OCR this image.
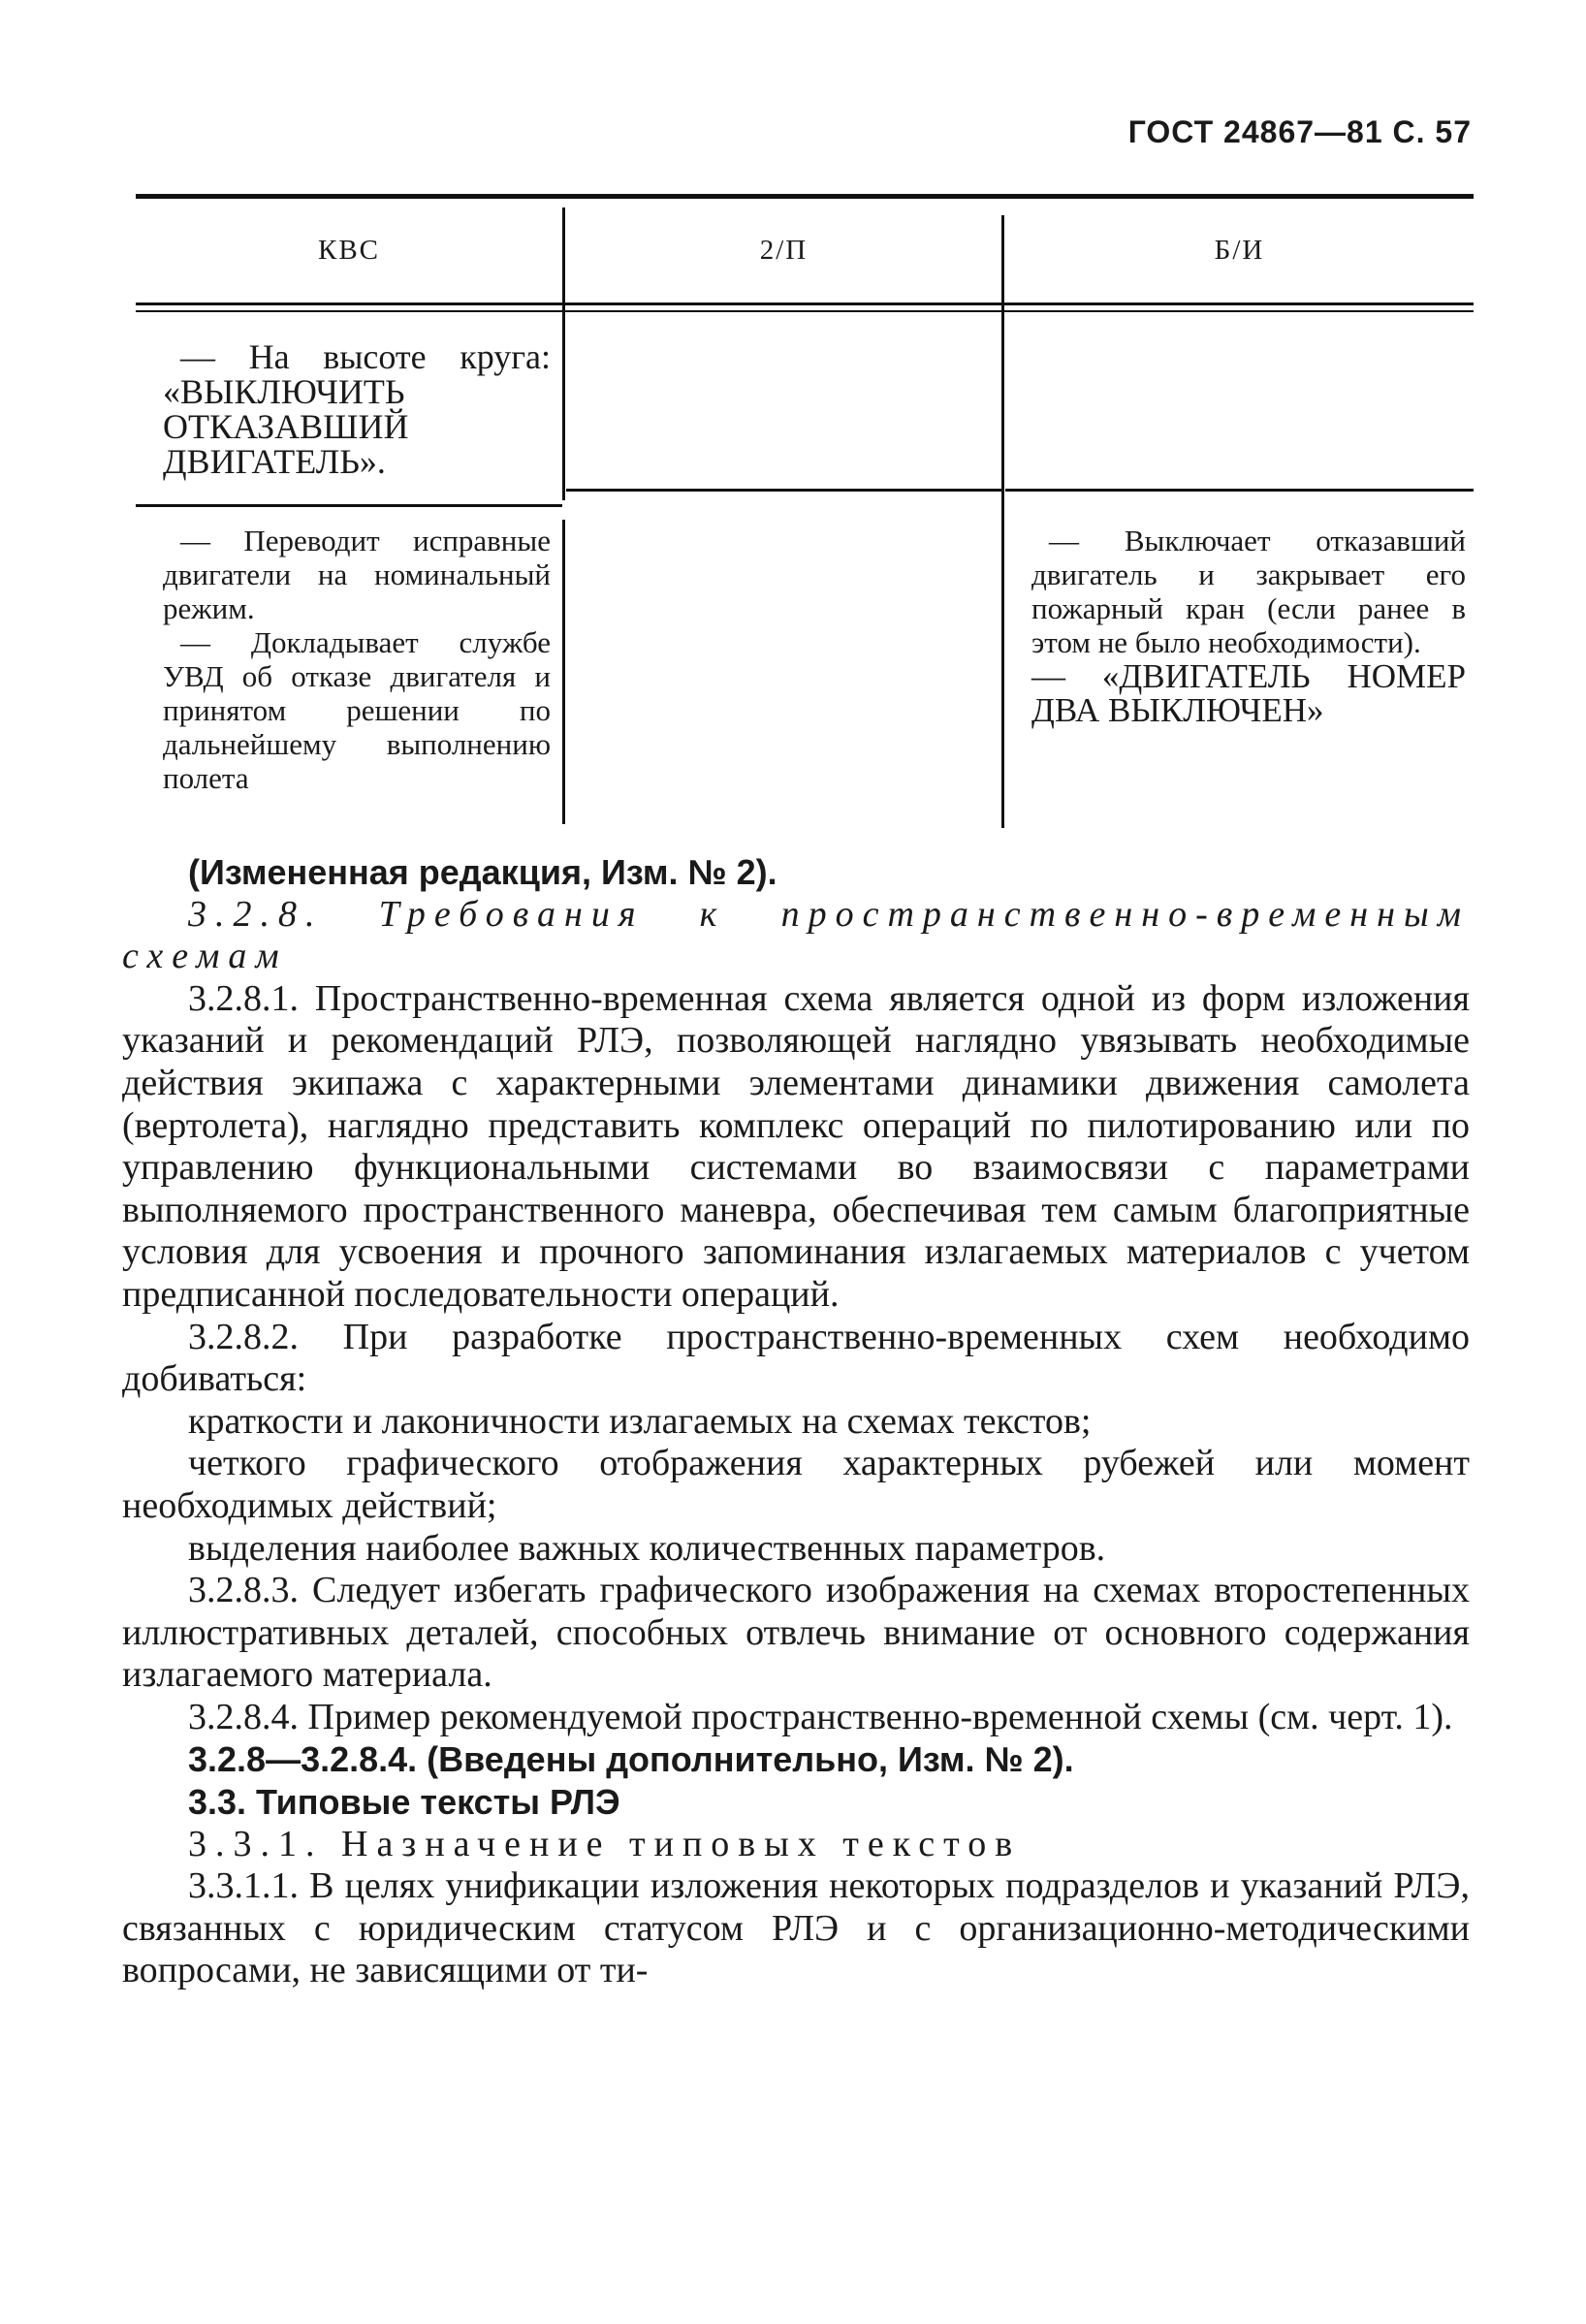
ГОСТ 24867—81 С. 57
КВС	2/П	Б/И

— На высоте круга: «ВЫКЛЮЧИТЬ ОТКАЗАВШИЙ ДВИГАТЕЛЬ».

— Переводит исправные двигатели на номинальный режим.

— Докладывает службе УВД об отказе двигателя и принятом решении по дальнейшему выполнению полета

— Выключает отказавший двигатель и закрывает его пожарный кран (если ранее в этом не было необходимости).

— «ДВИГАТЕЛЬ НОМЕР ДВА ВЫКЛЮЧЕН»

(Измененная редакция, Изм. № 2).

3.2.8. Требования к пространственно-временным схемам

3.2.8.1. Пространственно-временная схема является одной из форм изложения указаний и рекомендаций РЛЭ, позволяющей наглядно увязывать необходимые действия экипажа с характерными элементами динамики движения самолета (вертолета), наглядно представить комплекс операций по пилотированию или по управлению функциональными системами во взаимосвязи с параметрами выполняемого пространственного маневра, обеспечивая тем самым благоприятные условия для усвоения и прочного запоминания излагаемых материалов с учетом предписанной последовательности операций.

3.2.8.2. При разработке пространственно-временных схем необходимо добиваться:

краткости и лаконичности излагаемых на схемах текстов;

четкого графического отображения характерных рубежей или момент необходимых действий;

выделения наиболее важных количественных параметров.

3.2.8.3. Следует избегать графического изображения на схемах второстепенных иллюстративных деталей, способных отвлечь внимание от основного содержания излагаемого материала.

3.2.8.4. Пример рекомендуемой пространственно-временной схемы (см. черт. 1).

3.2.8—3.2.8.4. (Введены дополнительно, Изм. № 2).

3.3. Типовые тексты РЛЭ

3.3.1. Назначение типовых текстов

3.3.1.1. В целях унификации изложения некоторых подразделов и указаний РЛЭ, связанных с юридическим статусом РЛЭ и с организационно-методическими вопросами, не зависящими от ти-
